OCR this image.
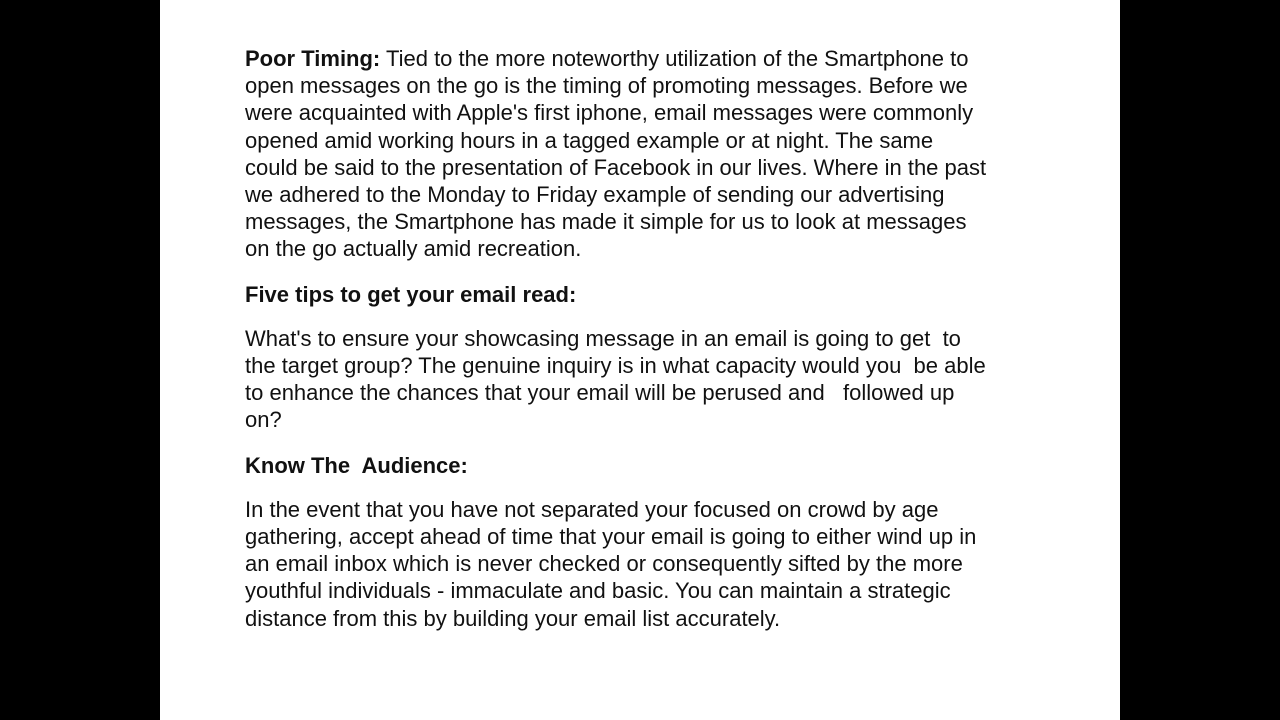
Poor Timing: Tied to the more noteworthy utilization of the Smartphone to
open messages on the go is the timing of promoting messages. Before we
were acquainted with Apple's first iphone, email messages were commonly
opened amid working hours in a tagged example or at night. The same
could be said to the presentation of Facebook in our lives. Where in the past
we adhered to the Monday to Friday example of sending our advertising
messages, the Smartphone has made it simple for us to look at messages
on the go actually amid recreation.
Five tips to get your email read:
What's to ensure your showcasing message in an email is going to get  to
the target group? The genuine inquiry is in what capacity would you  be able
to enhance the chances that your email will be perused and   followed up
on?
Know The  Audience:
In the event that you have not separated your focused on crowd by age
gathering, accept ahead of time that your email is going to either wind up in
an email inbox which is never checked or consequently sifted by the more
youthful individuals - immaculate and basic. You can maintain a strategic
distance from this by building your email list accurately.
